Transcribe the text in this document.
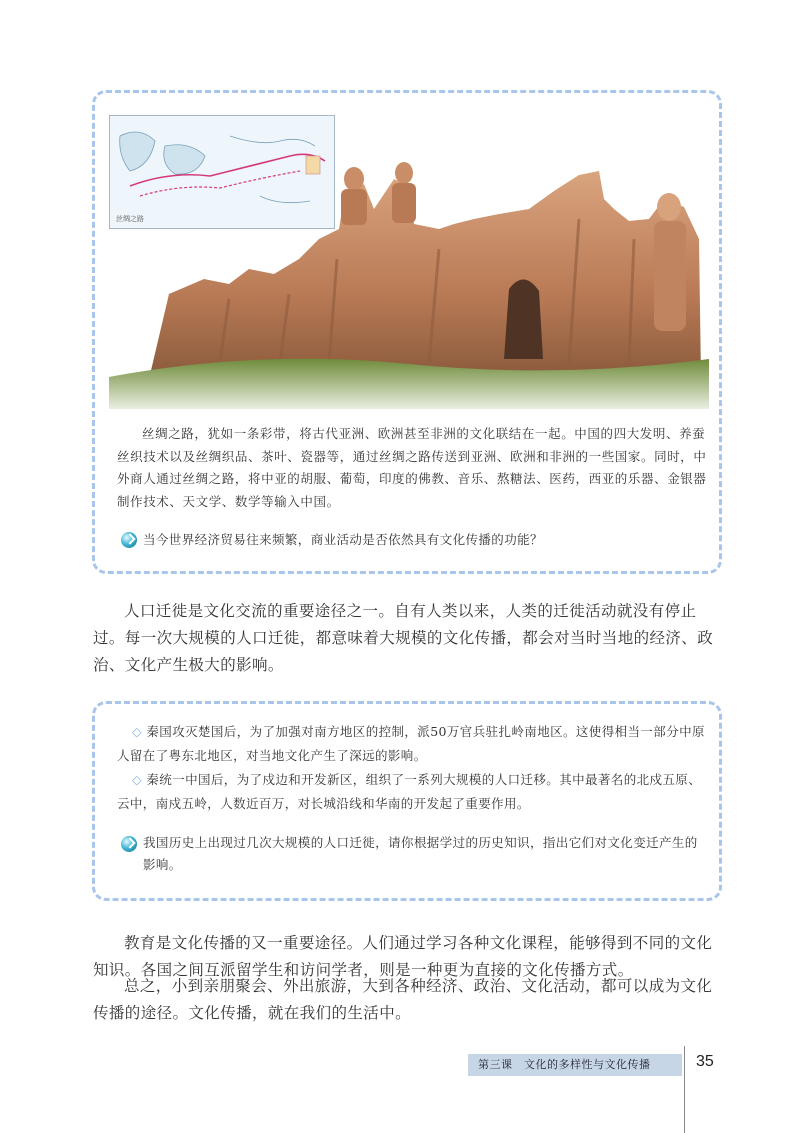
丝绸之路
丝绸之路，犹如一条彩带，将古代亚洲、欧洲甚至非洲的文化联结在一起。中国的四大发明、养蚕丝织技术以及丝绸织品、茶叶、瓷器等，通过丝绸之路传送到亚洲、欧洲和非洲的一些国家。同时，中外商人通过丝绸之路，将中亚的胡服、葡萄，印度的佛教、音乐、熬糖法、医药，西亚的乐器、金银器制作技术、天文学、数学等输入中国。
当今世界经济贸易往来频繁，商业活动是否依然具有文化传播的功能？
人口迁徙是文化交流的重要途径之一。自有人类以来，人类的迁徙活动就没有停止过。每一次大规模的人口迁徙，都意味着大规模的文化传播，都会对当时当地的经济、政治、文化产生极大的影响。
◇ 秦国攻灭楚国后，为了加强对南方地区的控制，派50万官兵驻扎岭南地区。这使得相当一部分中原人留在了粤东北地区，对当地文化产生了深远的影响。
◇ 秦统一中国后，为了戍边和开发新区，组织了一系列大规模的人口迁移。其中最著名的北戍五原、云中，南戍五岭，人数近百万，对长城沿线和华南的开发起了重要作用。
我国历史上出现过几次大规模的人口迁徙，请你根据学过的历史知识，指出它们对文化变迁产生的影响。
教育是文化传播的又一重要途径。人们通过学习各种文化课程，能够得到不同的文化知识。各国之间互派留学生和访问学者，则是一种更为直接的文化传播方式。
总之，小到亲朋聚会、外出旅游，大到各种经济、政治、文化活动，都可以成为文化传播的途径。文化传播，就在我们的生活中。
第三课　文化的多样性与文化传播	35
